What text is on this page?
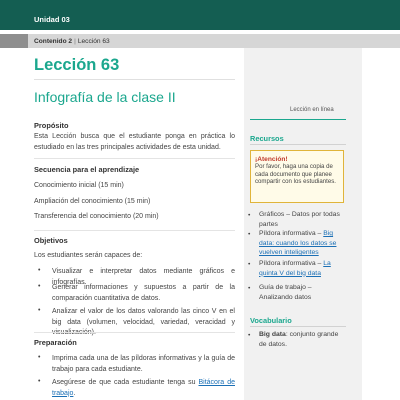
Unidad 03
Contenido 2 | Lección 63
Lección 63
Infografía de la clase II
Lección en línea
Propósito
Esta Lección busca que el estudiante ponga en práctica lo estudiado en las tres principales actividades de esta unidad.
Secuencia para el aprendizaje
Conocimiento inicial (15 min)
Ampliación del conocimiento (15 min)
Transferencia del conocimiento (20 min)
Objetivos
Los estudiantes serán capaces de:
• Visualizar e interpretar datos mediante gráficos e infografías.
• Generar informaciones y supuestos a partir de la comparación cuantitativa de datos.
• Analizar el valor de los datos valorando las cinco V en el big data (volumen, velocidad, variedad, veracidad y
Preparación
• Imprima cada una de las píldoras informativas y la guía de trabajo para cada estudiante.
• Asegúrese de que cada estudiante tenga su Bitácora de trabajo.
Recursos
¡Atención!
Por favor, haga una copia de cada documento que planee compartir con los estudiantes.
• Gráficos – Datos por todas partes
• Píldora informativa – Big data: cuando los datos se vuelven inteligentes
• Píldora informativa – La quinta V del big data
• Guía de trabajo – Analizando datos
Vocabulario
• Big data: conjunto grande de datos.
